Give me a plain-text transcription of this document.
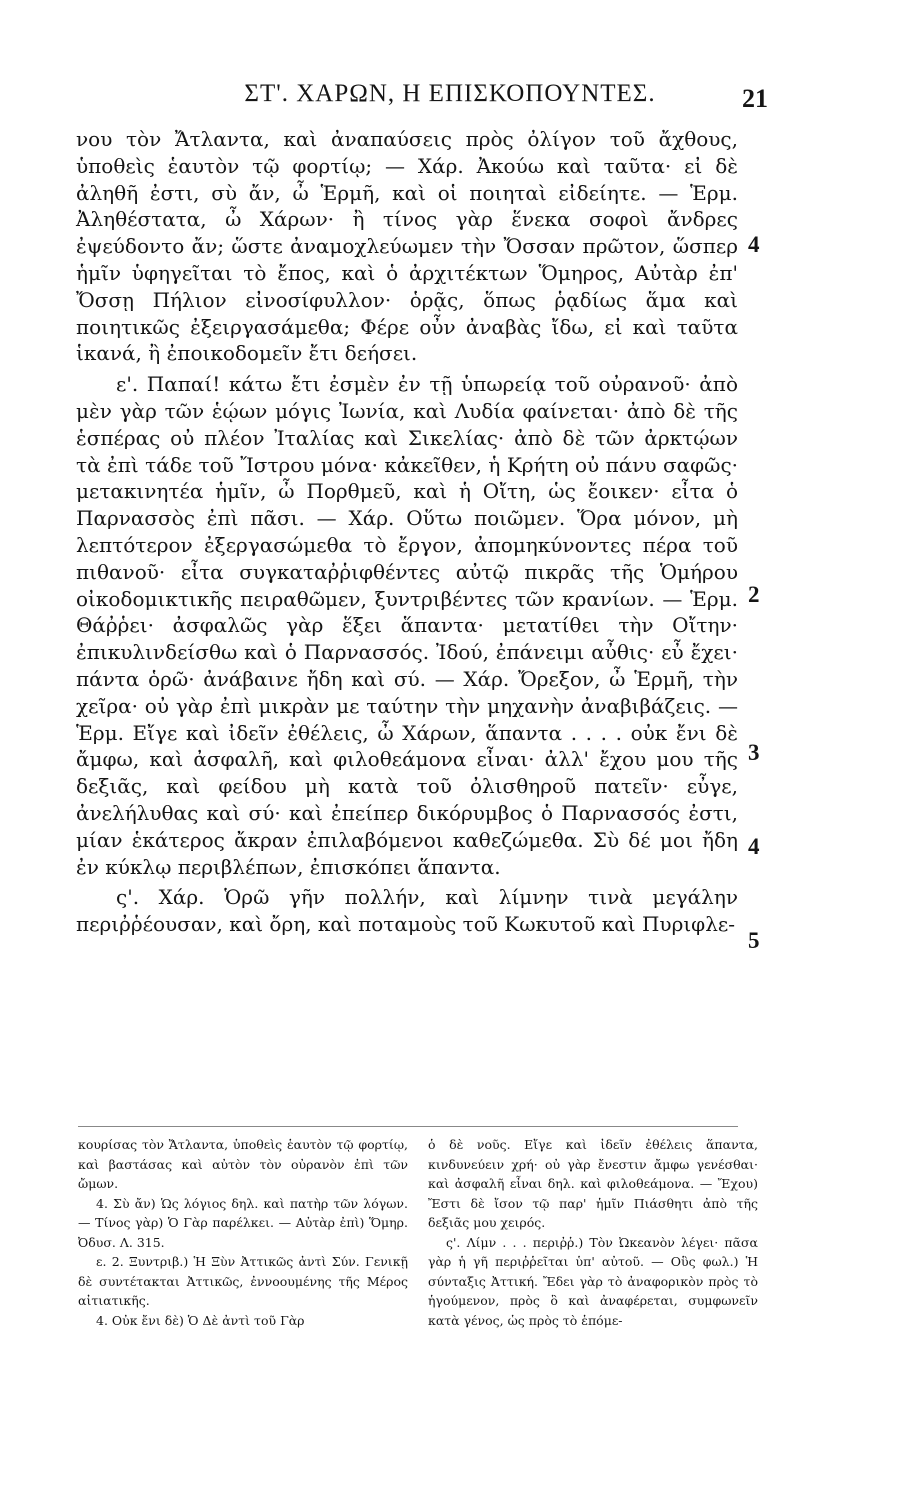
ΣΤ'. ΧΑΡΩΝ, Η ΕΠΙΣΚΟΠΟΥΝΤΕΣ.	21

νου τὸν Ἄτλαντα, καὶ ἀναπαύσεις πρὸς ὀλίγον τοῦ ἄχθους, ὑποθεὶς ἑαυτὸν τῷ φορτίῳ; — Χάρ. Ἀκούω καὶ ταῦτα· εἰ δὲ ἀληθῆ ἐστι, σὺ ἄν, ὦ Ἑρμῆ, καὶ οἱ ποιηταὶ εἰδείητε. — Ἑρμ. Ἀληθέστατα, ὦ Χάρων· ἢ τίνος γὰρ ἕνεκα σοφοὶ ἄνδρες ἐψεύδοντο ἄν; ὥστε ἀναμοχλεύωμεν τὴν Ὄσσαν πρῶτον, ὥσπερ ἡμῖν ὑφηγεῖται τὸ ἔπος, καὶ ὁ ἀρχιτέκτων Ὅμηρος, Αὐτὰρ ἐπ' Ὄσσῃ Πήλιον εἰνοσίφυλλον· ὁρᾷς, ὅπως ῥᾳδίως ἅμα καὶ ποιητικῶς ἐξειργασάμεθα; Φέρε οὖν ἀναβὰς ἴδω, εἰ καὶ ταῦτα ἱκανά, ἢ ἐποικοδομεῖν ἔτι δεήσει.

ε'. Παπαί! κάτω ἔτι ἐσμὲν ἐν τῇ ὑπωρείᾳ τοῦ οὐρανοῦ· ἀπὸ μὲν γὰρ τῶν ἑῴων μόγις Ἰωνία, καὶ Λυδία φαίνεται· ἀπὸ δὲ τῆς ἑσπέρας οὐ πλέον Ἰταλίας καὶ Σικελίας· ἀπὸ δὲ τῶν ἀρκτῴων τὰ ἐπὶ τάδε τοῦ Ἴστρου μόνα· κἀκεῖθεν, ἡ Κρήτη οὐ πάνυ σαφῶς· μετακινητέα ἡμῖν, ὦ Πορθμεῦ, καὶ ἡ Οἴτη, ὡς ἔοικεν· εἶτα ὁ Παρνασσὸς ἐπὶ πᾶσι. — Χάρ. Οὕτω ποιῶμεν. Ὅρα μόνον, μὴ λεπτότερον ἐξεργασώμεθα τὸ ἔργον, ἀπομηκύνοντες πέρα τοῦ πιθανοῦ· εἶτα συγκαταῤῥιφθέντες αὐτῷ πικρᾶς τῆς Ὁμήρου οἰκοδομικτικῆς πειραθῶμεν, ξυντριβέντες τῶν κρανίων. — Ἑρμ. Θάῤῥει· ἀσφαλῶς γὰρ ἕξει ἅπαντα· μετατίθει τὴν Οἴτην· ἐπικυλινδείσθω καὶ ὁ Παρνασσός. Ἰδού, ἐπάνειμι αὖθις· εὖ ἔχει· πάντα ὁρῶ· ἀνάβαινε ἤδη καὶ σύ. — Χάρ. Ὄρεξον, ὦ Ἑρμῆ, τὴν χεῖρα· οὐ γὰρ ἐπὶ μικρὰν με ταύτην τὴν μηχανὴν ἀναβιβάζεις. — Ἑρμ. Εἴγε καὶ ἰδεῖν ἐθέλεις, ὦ Χάρων, ἅπαντα . . . . οὐκ ἔνι δὲ ἄμφω, καὶ ἀσφαλῆ, καὶ φιλοθεάμονα εἶναι· ἀλλ' ἔχου μου τῆς δεξιᾶς, καὶ φείδου μὴ κατὰ τοῦ ὀλισθηροῦ πατεῖν· εὖγε, ἀνελήλυθας καὶ σύ· καὶ ἐπείπερ δικόρυμβος ὁ Παρνασσός ἐστι, μίαν ἑκάτερος ἄκραν ἐπιλαβόμενοι καθεζώμεθα. Σὺ δέ μοι ἤδη ἐν κύκλῳ περιβλέπων, ἐπισκόπει ἅπαντα.

ς'. Χάρ. Ὁρῶ γῆν πολλήν, καὶ λίμνην τινὰ μεγάλην περιῤῥέουσαν, καὶ ὄρη, καὶ ποταμοὺς τοῦ Κωκυτοῦ καὶ Πυριφλε-

4
2
3
4
5

κουρίσας τὸν Ἄτλαντα, ὑποθεὶς ἑαυτὸν τῷ φορτίῳ, καὶ βαστάσας καὶ αὐτὸν τὸν οὐρανὸν ἐπὶ τῶν ὤμων.

4. Σὺ ἄν) Ὡς λόγιος δηλ. καὶ πατὴρ τῶν λόγων. — Τίνος γὰρ) Ὁ Γὰρ παρέλκει. — Αὐτὰρ ἐπὶ) Ὅμηρ. Ὀδυσ. Λ. 315.

ε. 2. Ξυντριβ.) Ἡ Ξὺν Ἀττικῶς ἀντὶ Σύν. Γενικῇ δὲ συντέτακται Ἀττικῶς, ἐννοουμένης τῆς Μέρος αἰτιατικῆς.

4. Οὐκ ἔνι δὲ) Ὁ Δὲ ἀντὶ τοῦ Γὰρ

ὁ δὲ νοῦς. Εἴγε καὶ ἰδεῖν ἐθέλεις ἅπαντα, κινδυνεύειν χρή· οὐ γὰρ ἔνεστιν ἄμφω γενέσθαι· καὶ ἀσφαλῆ εἶναι δηλ. καὶ φιλοθεάμονα. — Ἔχου) Ἔστι δὲ ἴσον τῷ παρ' ἡμῖν Πιάσθητι ἀπὸ τῆς δεξιᾶς μου χειρός.

ς'. Λίμν . . . περιῤῥ.) Τὸν Ὠκεανὸν λέγει· πᾶσα γὰρ ἡ γῆ περιῤῥεῖται ὑπ' αὐτοῦ. — Οὓς φωλ.) Ἡ σύνταξις Ἀττική. Ἔδει γὰρ τὸ ἀναφορικὸν πρὸς τὸ ἡγούμενον, πρὸς ὃ καὶ ἀναφέρεται, συμφωνεῖν κατὰ γένος, ὡς πρὸς τὸ ἑπόμε-
